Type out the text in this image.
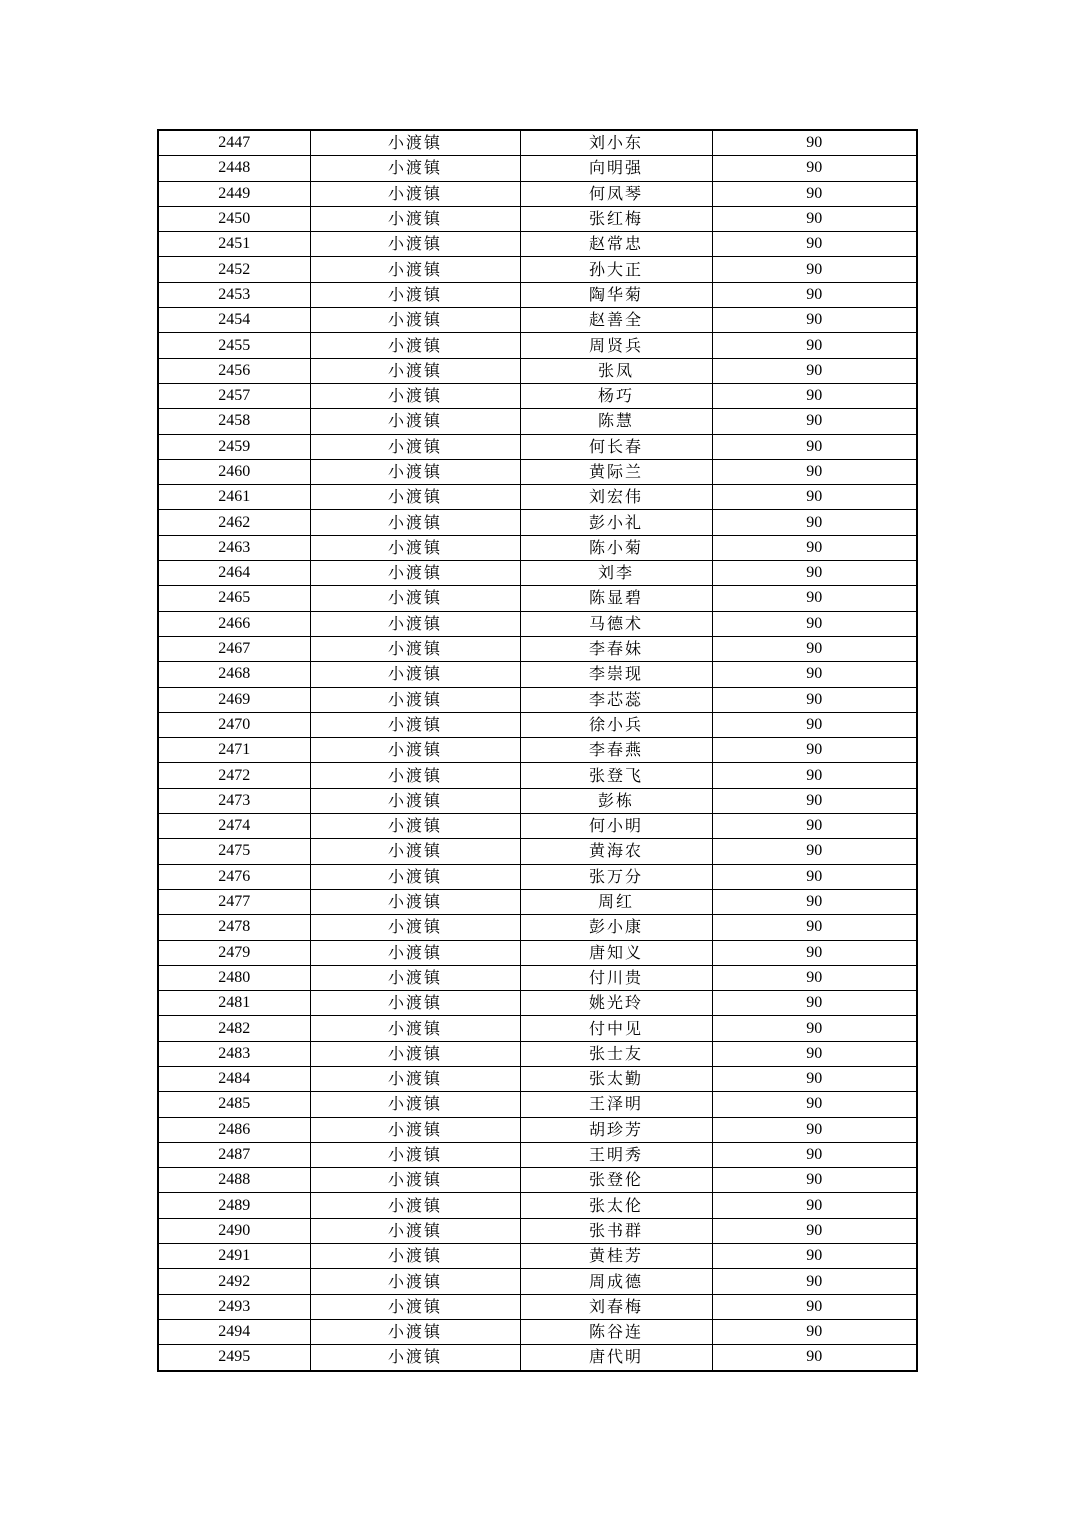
2447	小渡镇	刘小东	90
2448	小渡镇	向明强	90
2449	小渡镇	何凤琴	90
2450	小渡镇	张红梅	90
2451	小渡镇	赵常忠	90
2452	小渡镇	孙大正	90
2453	小渡镇	陶华菊	90
2454	小渡镇	赵善全	90
2455	小渡镇	周贤兵	90
2456	小渡镇	张凤	90
2457	小渡镇	杨巧	90
2458	小渡镇	陈慧	90
2459	小渡镇	何长春	90
2460	小渡镇	黄际兰	90
2461	小渡镇	刘宏伟	90
2462	小渡镇	彭小礼	90
2463	小渡镇	陈小菊	90
2464	小渡镇	刘李	90
2465	小渡镇	陈显碧	90
2466	小渡镇	马德术	90
2467	小渡镇	李春妹	90
2468	小渡镇	李崇现	90
2469	小渡镇	李芯蕊	90
2470	小渡镇	徐小兵	90
2471	小渡镇	李春燕	90
2472	小渡镇	张登飞	90
2473	小渡镇	彭栋	90
2474	小渡镇	何小明	90
2475	小渡镇	黄海农	90
2476	小渡镇	张万分	90
2477	小渡镇	周红	90
2478	小渡镇	彭小康	90
2479	小渡镇	唐知义	90
2480	小渡镇	付川贵	90
2481	小渡镇	姚光玲	90
2482	小渡镇	付中见	90
2483	小渡镇	张士友	90
2484	小渡镇	张太勤	90
2485	小渡镇	王泽明	90
2486	小渡镇	胡珍芳	90
2487	小渡镇	王明秀	90
2488	小渡镇	张登伦	90
2489	小渡镇	张太伦	90
2490	小渡镇	张书群	90
2491	小渡镇	黄桂芳	90
2492	小渡镇	周成德	90
2493	小渡镇	刘春梅	90
2494	小渡镇	陈谷连	90
2495	小渡镇	唐代明	90
